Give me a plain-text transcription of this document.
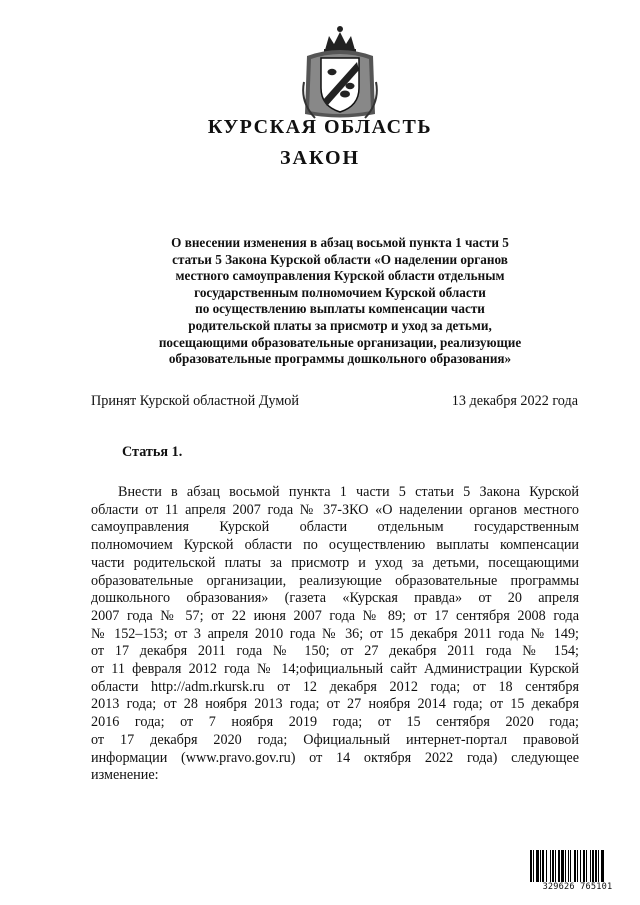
КУРСКАЯ ОБЛАСТЬ
ЗАКОН
О внесении изменения в абзац восьмой пункта 1 части 5
статьи 5 Закона Курской области «О наделении органов
местного самоуправления Курской области отдельным
государственным полномочием Курской области
по осуществлению выплаты компенсации части
родительской платы за присмотр и уход за детьми,
посещающими образовательные организации, реализующие
образовательные программы дошкольного образования»
Принят Курской областной Думой	13 декабря 2022 года
Статья 1.
Внести в абзац восьмой пункта 1 части 5 статьи 5 Закона Курской
области от 11 апреля 2007 года № 37-ЗКО «О наделении органов местного
самоуправления Курской области отдельным государственным
полномочием Курской области по осуществлению выплаты компенсации
части родительской платы за присмотр и уход за детьми, посещающими
образовательные организации, реализующие образовательные программы
дошкольного образования» (газета «Курская правда» от 20 апреля
2007 года № 57; от 22 июня 2007 года № 89; от 17 сентября 2008 года
№ 152–153; от 3 апреля 2010 года № 36; от 15 декабря 2011 года № 149;
от 17 декабря 2011 года № 150; от 27 декабря 2011 года № 154;
от 11 февраля 2012 года № 14;официальный сайт Администрации Курской
области http://adm.rkursk.ru от 12 декабря 2012 года; от 18 сентября
2013 года; от 28 ноября 2013 года; от 27 ноября 2014 года; от 15 декабря
2016 года; от 7 ноября 2019 года; от 15 сентября 2020 года;
от 17 декабря 2020 года; Официальный интернет-портал правовой
информации (www.pravo.gov.ru) от 14 октября 2022 года) следующее
изменение:
329626 765101
